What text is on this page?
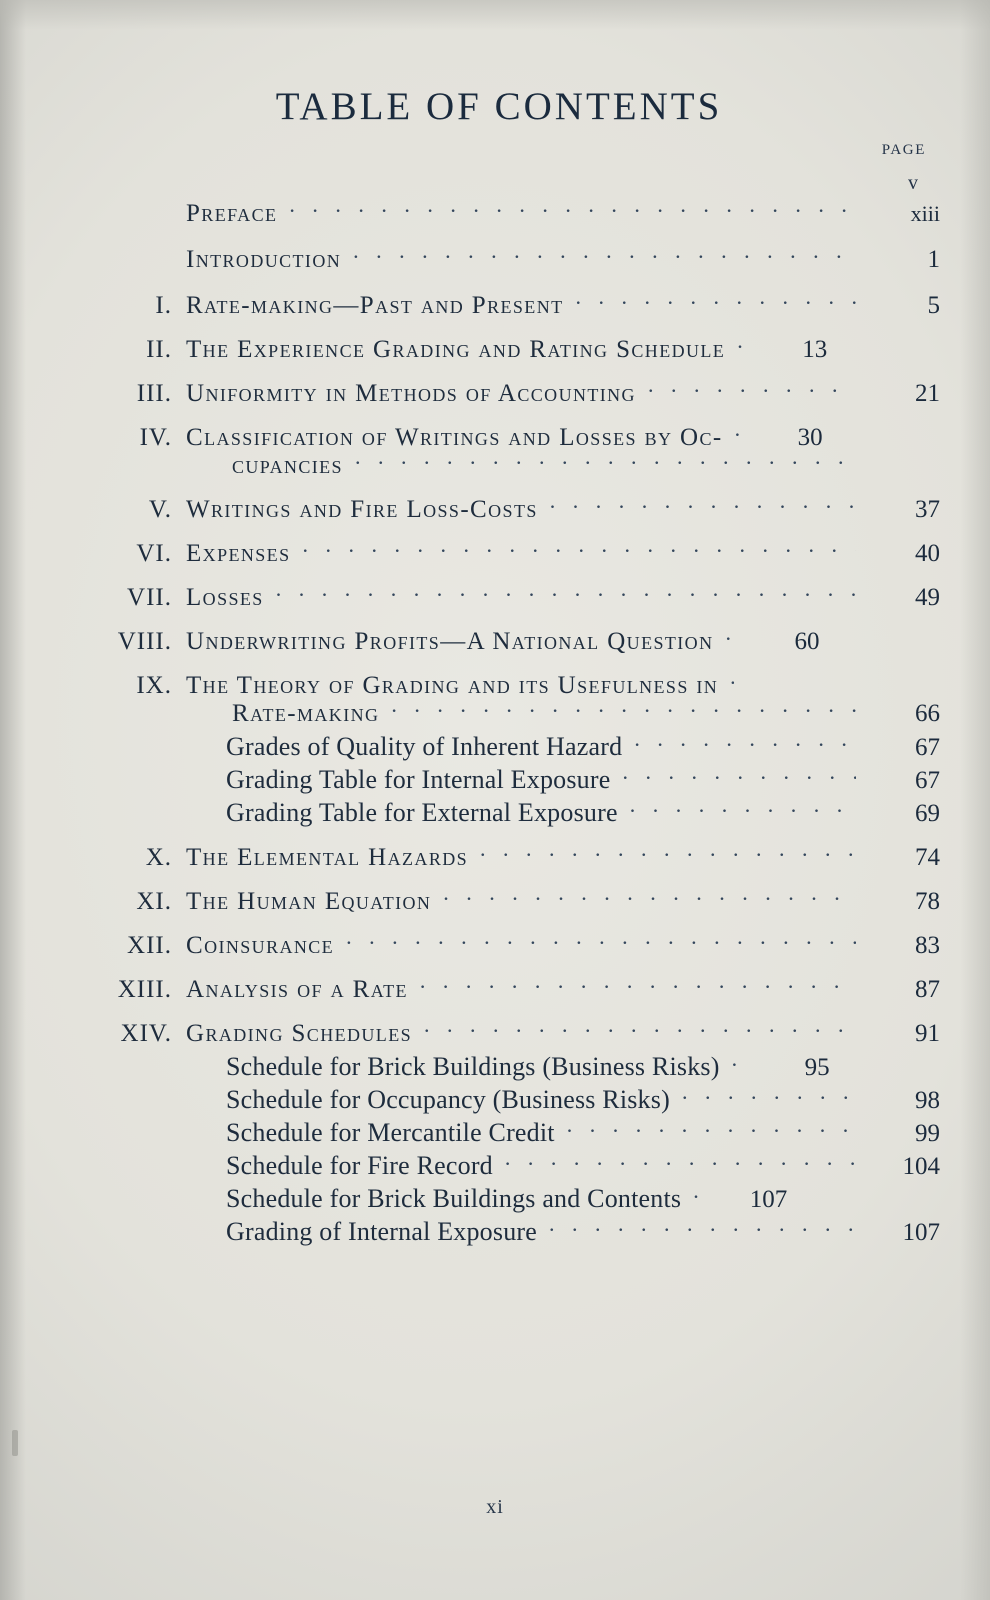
TABLE OF CONTENTS
PAGE
v
Preface . . .	xiii
Introduction . . .	1
I. Rate-making—Past and Present . . .	5
II. The Experience Grading and Rating Schedule . . .	13
III. Uniformity in Methods of Accounting . . .	21
IV. Classification of Writings and Losses by Oc- . . .	30
cupancies
. . .
V. Writings and Fire Loss-Costs . . .	37
VI. Expenses . . .	40
VII. Losses . . .	49
VIII. Underwriting Profits—A National Question . . .	60
IX. The Theory of Grading and its Usefulness in
. . .
Rate-making . . .	66
Grades of Quality of Inherent Hazard . . .	67
Grading Table for Internal Exposure . . .	67
Grading Table for External Exposure . . .	69
X. The Elemental Hazards . . .	74
XI. The Human Equation . . .	78
XII. Coinsurance . . .	83
XIII. Analysis of a Rate . . .	87
XIV. Grading Schedules . . .	91
Schedule for Brick Buildings (Business Risks) . . .	95
Schedule for Occupancy (Business Risks) . . .	98
Schedule for Mercantile Credit . . .	99
Schedule for Fire Record . . .	104
Schedule for Brick Buildings and Contents . . .	107
Grading of Internal Exposure . . .	107
xi
